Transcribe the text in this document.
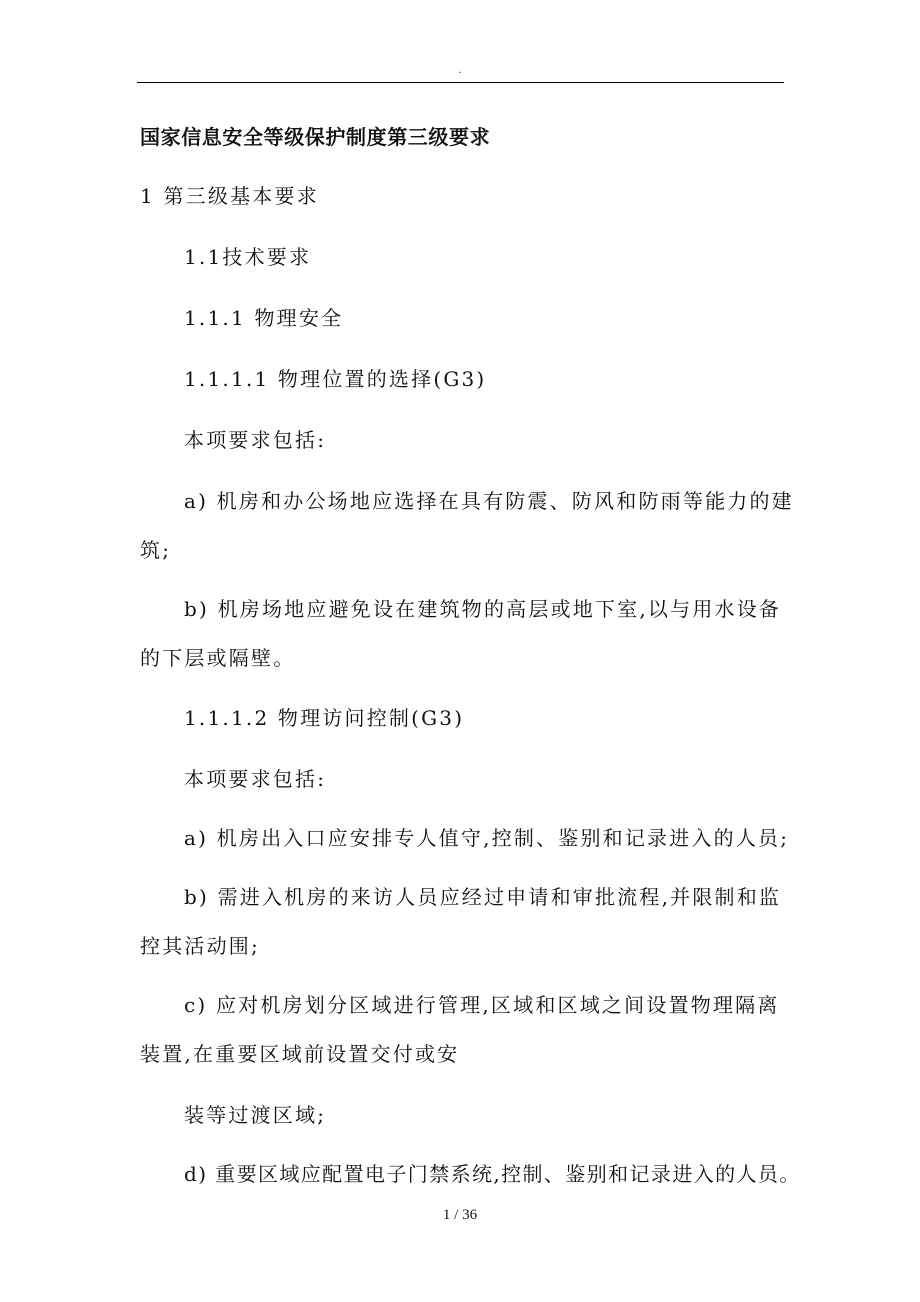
.
国家信息安全等级保护制度第三级要求
1 第三级基本要求
1.1技术要求
1.1.1 物理安全
1.1.1.1 物理位置的选择(G3)
本项要求包括:
a) 机房和办公场地应选择在具有防震、防风和防雨等能力的建
筑;
b) 机房场地应避免设在建筑物的高层或地下室,以与用水设备
的下层或隔壁。
1.1.1.2 物理访问控制(G3)
本项要求包括:
a) 机房出入口应安排专人值守,控制、鉴别和记录进入的人员;
b) 需进入机房的来访人员应经过申请和审批流程,并限制和监
控其活动围;
c) 应对机房划分区域进行管理,区域和区域之间设置物理隔离
装置,在重要区域前设置交付或安
装等过渡区域;
d) 重要区域应配置电子门禁系统,控制、鉴别和记录进入的人员。
1 / 36
